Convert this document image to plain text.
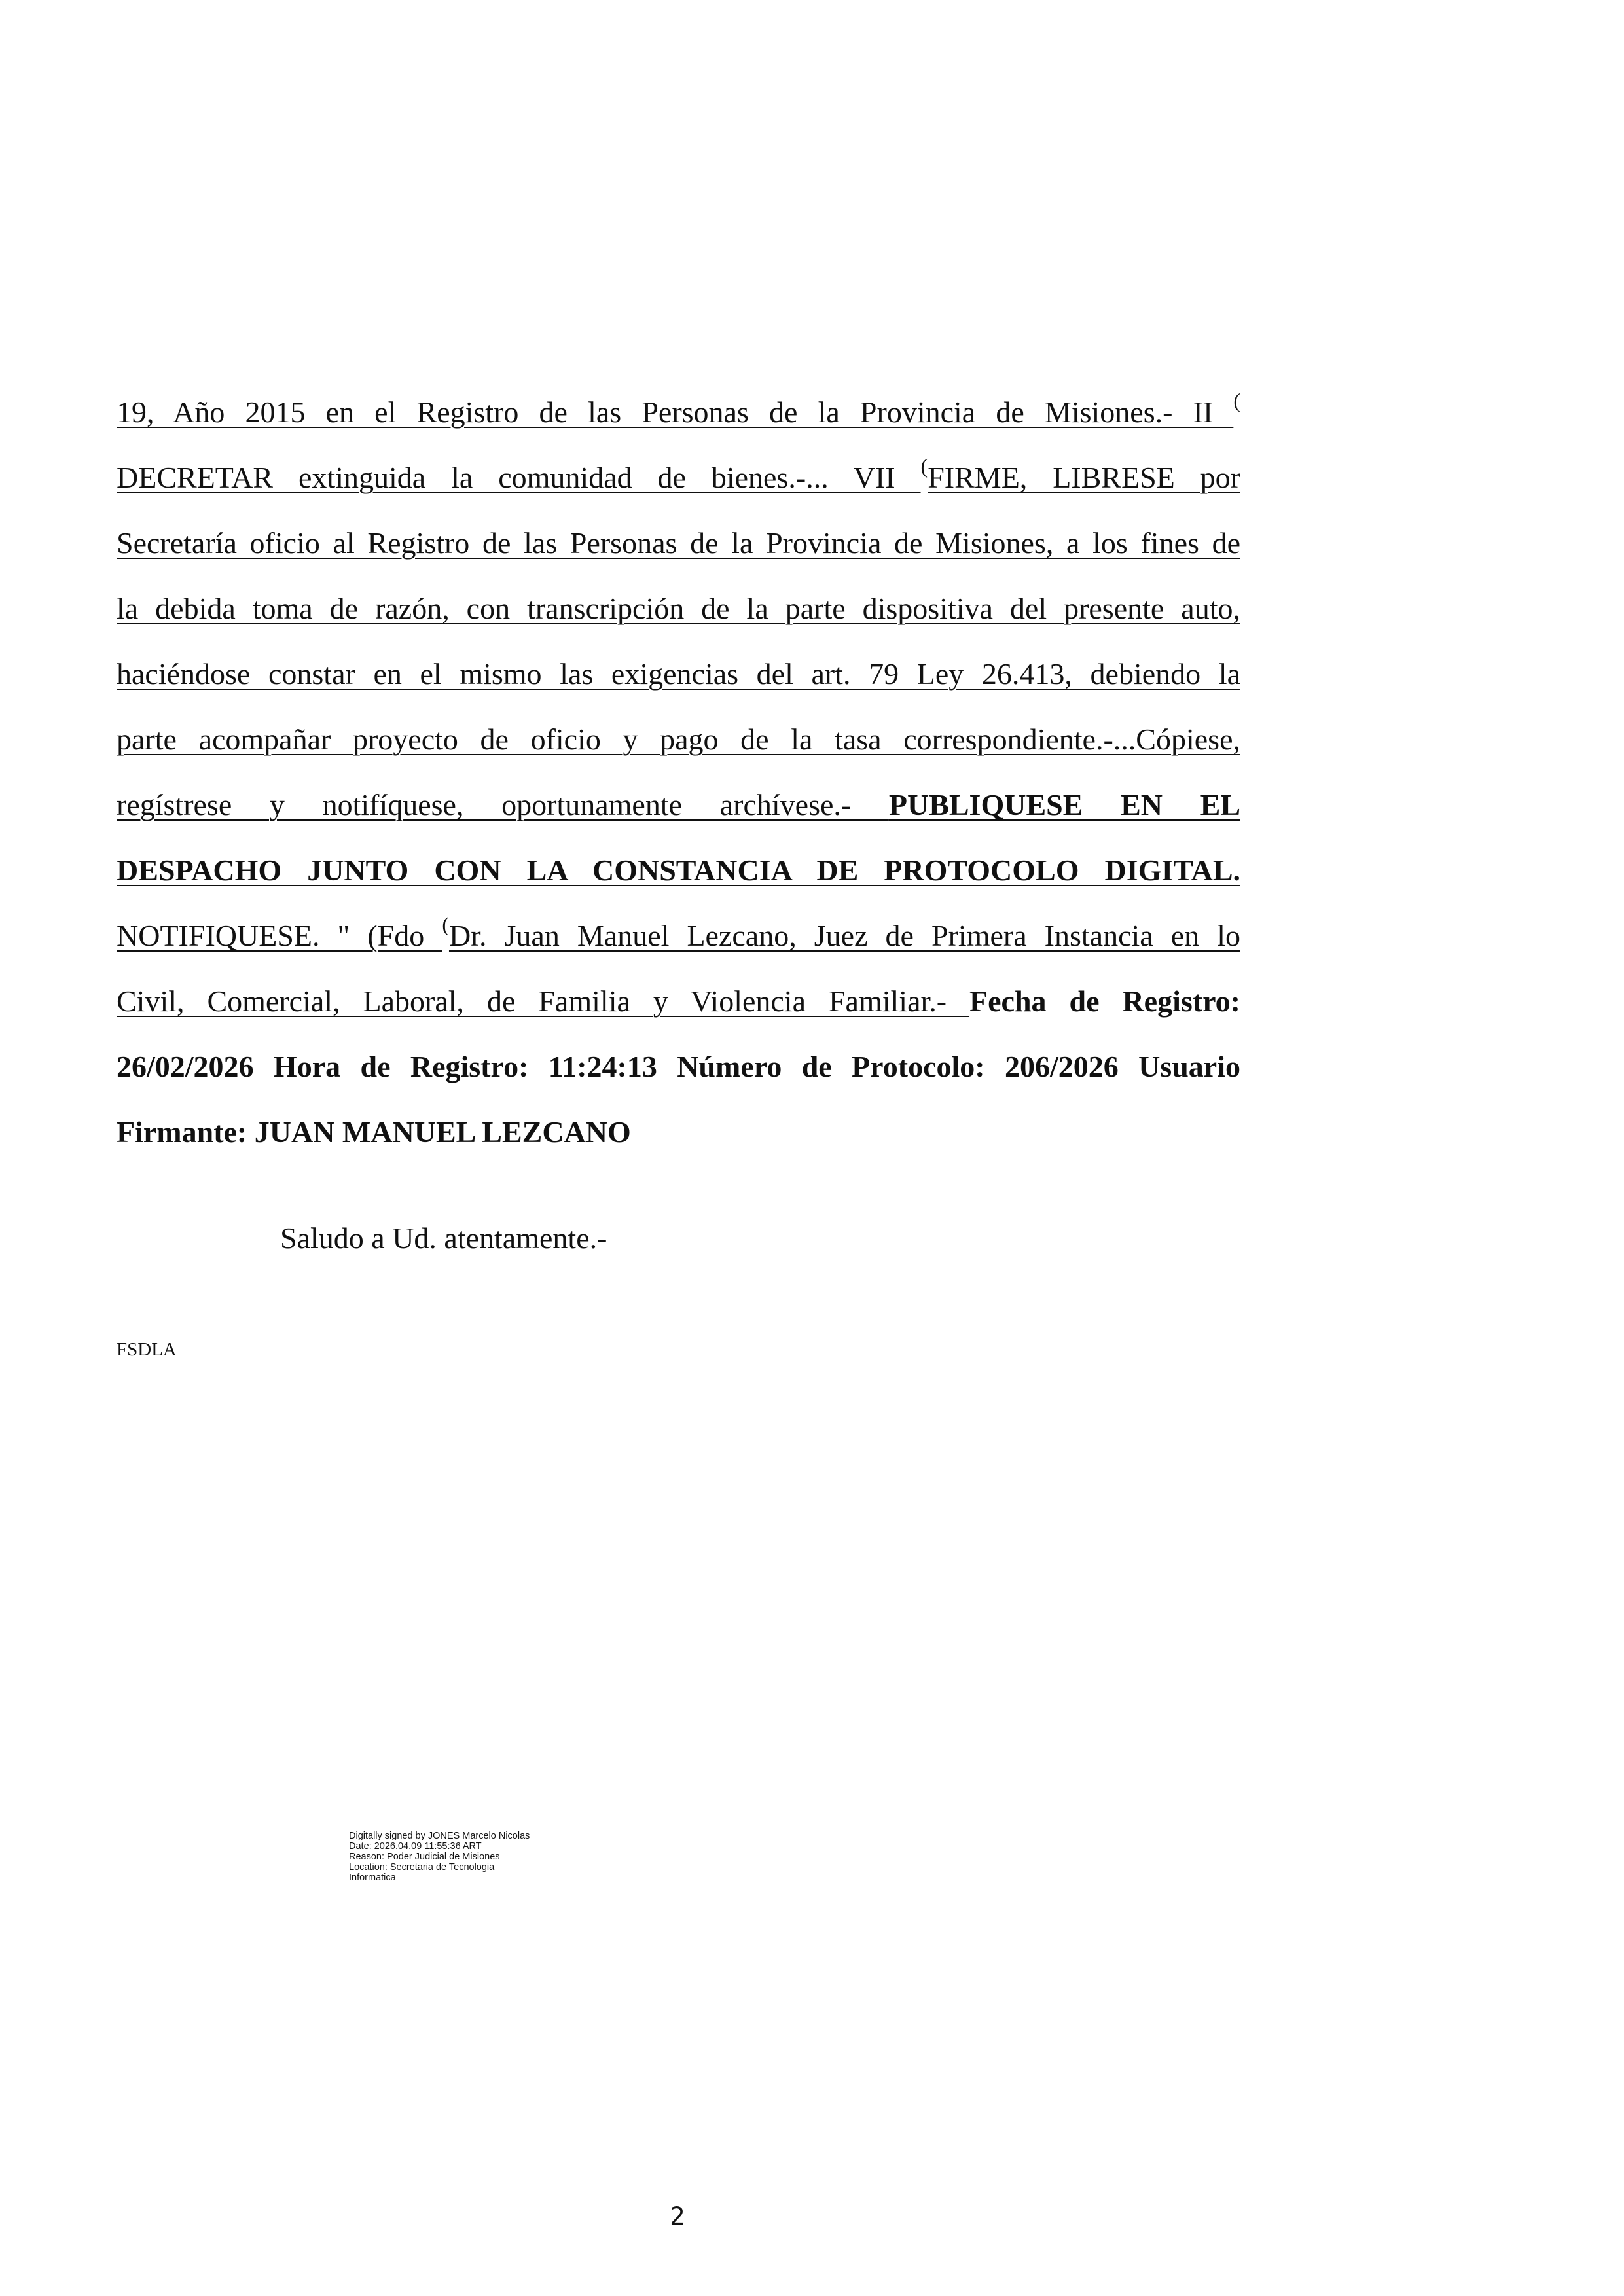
19, Año 2015 en el Registro de las Personas de la Provincia de Misiones.- II (
DECRETAR extinguida la comunidad de bienes.-... VII (FIRME, LIBRESE por
Secretaría oficio al Registro de las Personas de la Provincia de Misiones, a los fines de
la debida toma de razón, con transcripción de la parte dispositiva del presente auto,
haciéndose constar en el mismo las exigencias del art. 79 Ley 26.413, debiendo la
parte acompañar proyecto de oficio y pago de la tasa correspondiente.-...Cópiese,
regístrese y notifíquese, oportunamente archívese.- PUBLIQUESE EN EL
DESPACHO JUNTO CON LA CONSTANCIA DE PROTOCOLO DIGITAL.
NOTIFIQUESE. " (Fdo (Dr. Juan Manuel Lezcano, Juez de Primera Instancia en lo
Civil, Comercial, Laboral, de Familia y Violencia Familiar.- Fecha de Registro:
26/02/2026 Hora de Registro: 11:24:13 Número de Protocolo: 206/2026 Usuario
Firmante: JUAN MANUEL LEZCANO
Saludo a Ud. atentamente.-
FSDLA
Digitally signed by JONES Marcelo Nicolas
Date: 2026.04.09 11:55:36 ART
Reason: Poder Judicial de Misiones
Location: Secretaria de Tecnologia
Informatica
2
